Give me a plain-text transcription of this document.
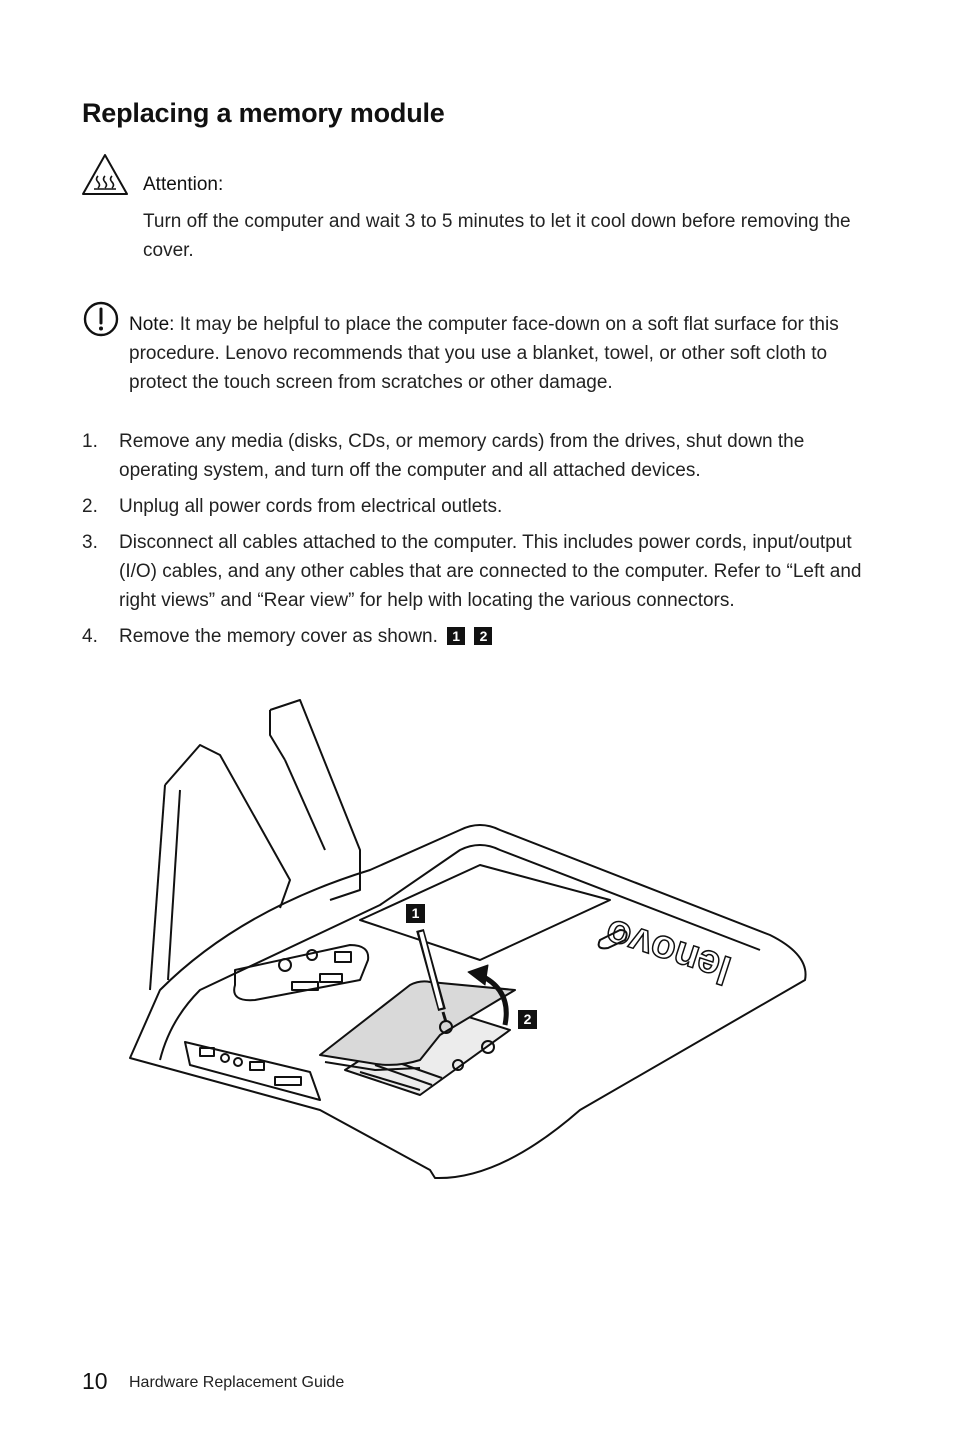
Replacing a memory module
Attention:
Turn off the computer and wait 3 to 5 minutes to let it cool down before removing the cover.
Note: It may be helpful to place the computer face-down on a soft flat surface for this procedure. Lenovo recommends that you use a blanket, towel, or other soft cloth to protect the touch screen from scratches or other damage.
1. Remove any media (disks, CDs, or memory cards) from the drives, shut down the operating system, and turn off the computer and all attached devices.
2. Unplug all power cords from electrical outlets.
3. Disconnect all cables attached to the computer. This includes power cords, input/output (I/O) cables, and any other cables that are connected to the computer. Refer to “Left and right views” and “Rear view” for help with locating the various connectors.
4. Remove the memory cover as shown. 1 2
lenovo
1
2
10 Hardware Replacement Guide
